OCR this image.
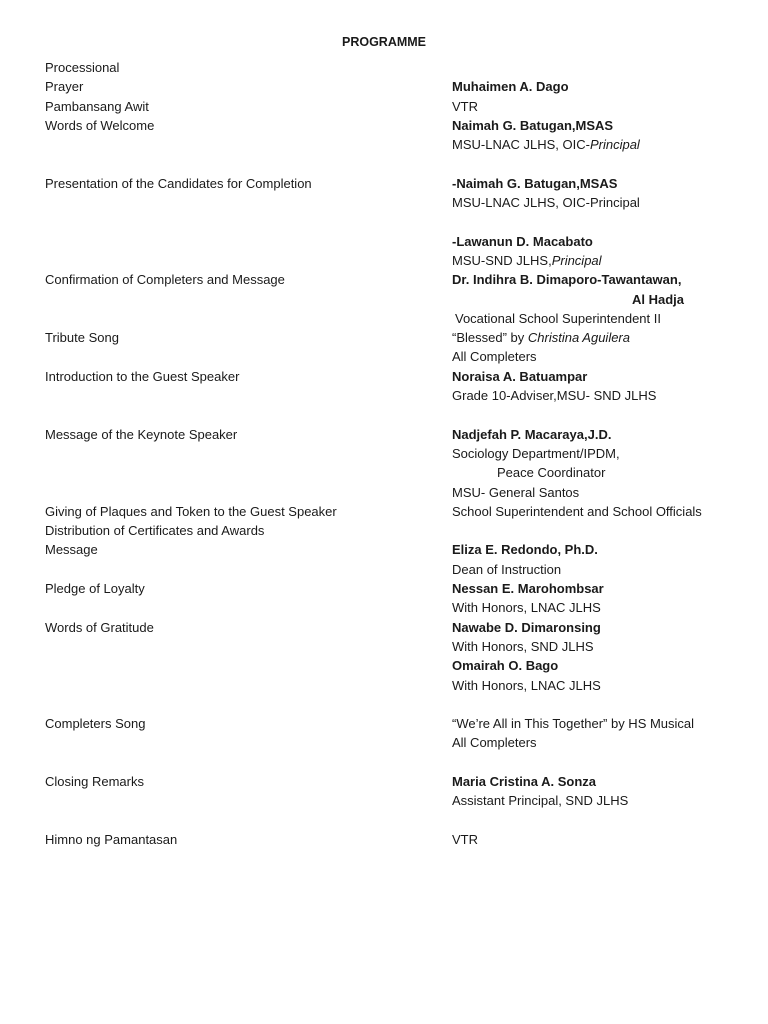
PROGRAMME
Processional
Prayer	Muhaimen A. Dago
Pambansang Awit	VTR
Words of Welcome	Naimah G. Batugan,MSAS
MSU-LNAC JLHS, OIC-Principal
Presentation of the Candidates for Completion	-Naimah G. Batugan,MSAS
MSU-LNAC JLHS, OIC-Principal
-Lawanun D. Macabato
MSU-SND JLHS,Principal
Confirmation of Completers and Message	Dr. Indihra B. Dimaporo-Tawantawan,
Al Hadja
Vocational School Superintendent II
Tribute Song	“Blessed” by Christina Aguilera
All Completers
Introduction to the Guest Speaker	Noraisa A. Batuampar
Grade 10-Adviser,MSU- SND JLHS
Message of the Keynote Speaker	Nadjefah P. Macaraya,J.D.
Sociology Department/IPDM,
Peace Coordinator
MSU- General Santos
Giving of Plaques and Token to the Guest Speaker	School Superintendent and School Officials
Distribution of Certificates and Awards
Message	Eliza E. Redondo, Ph.D.
Dean of Instruction
Pledge of Loyalty	Nessan E. Marohombsar
With Honors, LNAC JLHS
Words of Gratitude	Nawabe D. Dimaronsing
With Honors, SND JLHS
Omairah O. Bago
With Honors, LNAC JLHS
Completers Song	“We’re All in This Together” by HS Musical
All Completers
Closing Remarks	Maria Cristina A. Sonza
Assistant Principal, SND JLHS
Himno ng Pamantasan	VTR
